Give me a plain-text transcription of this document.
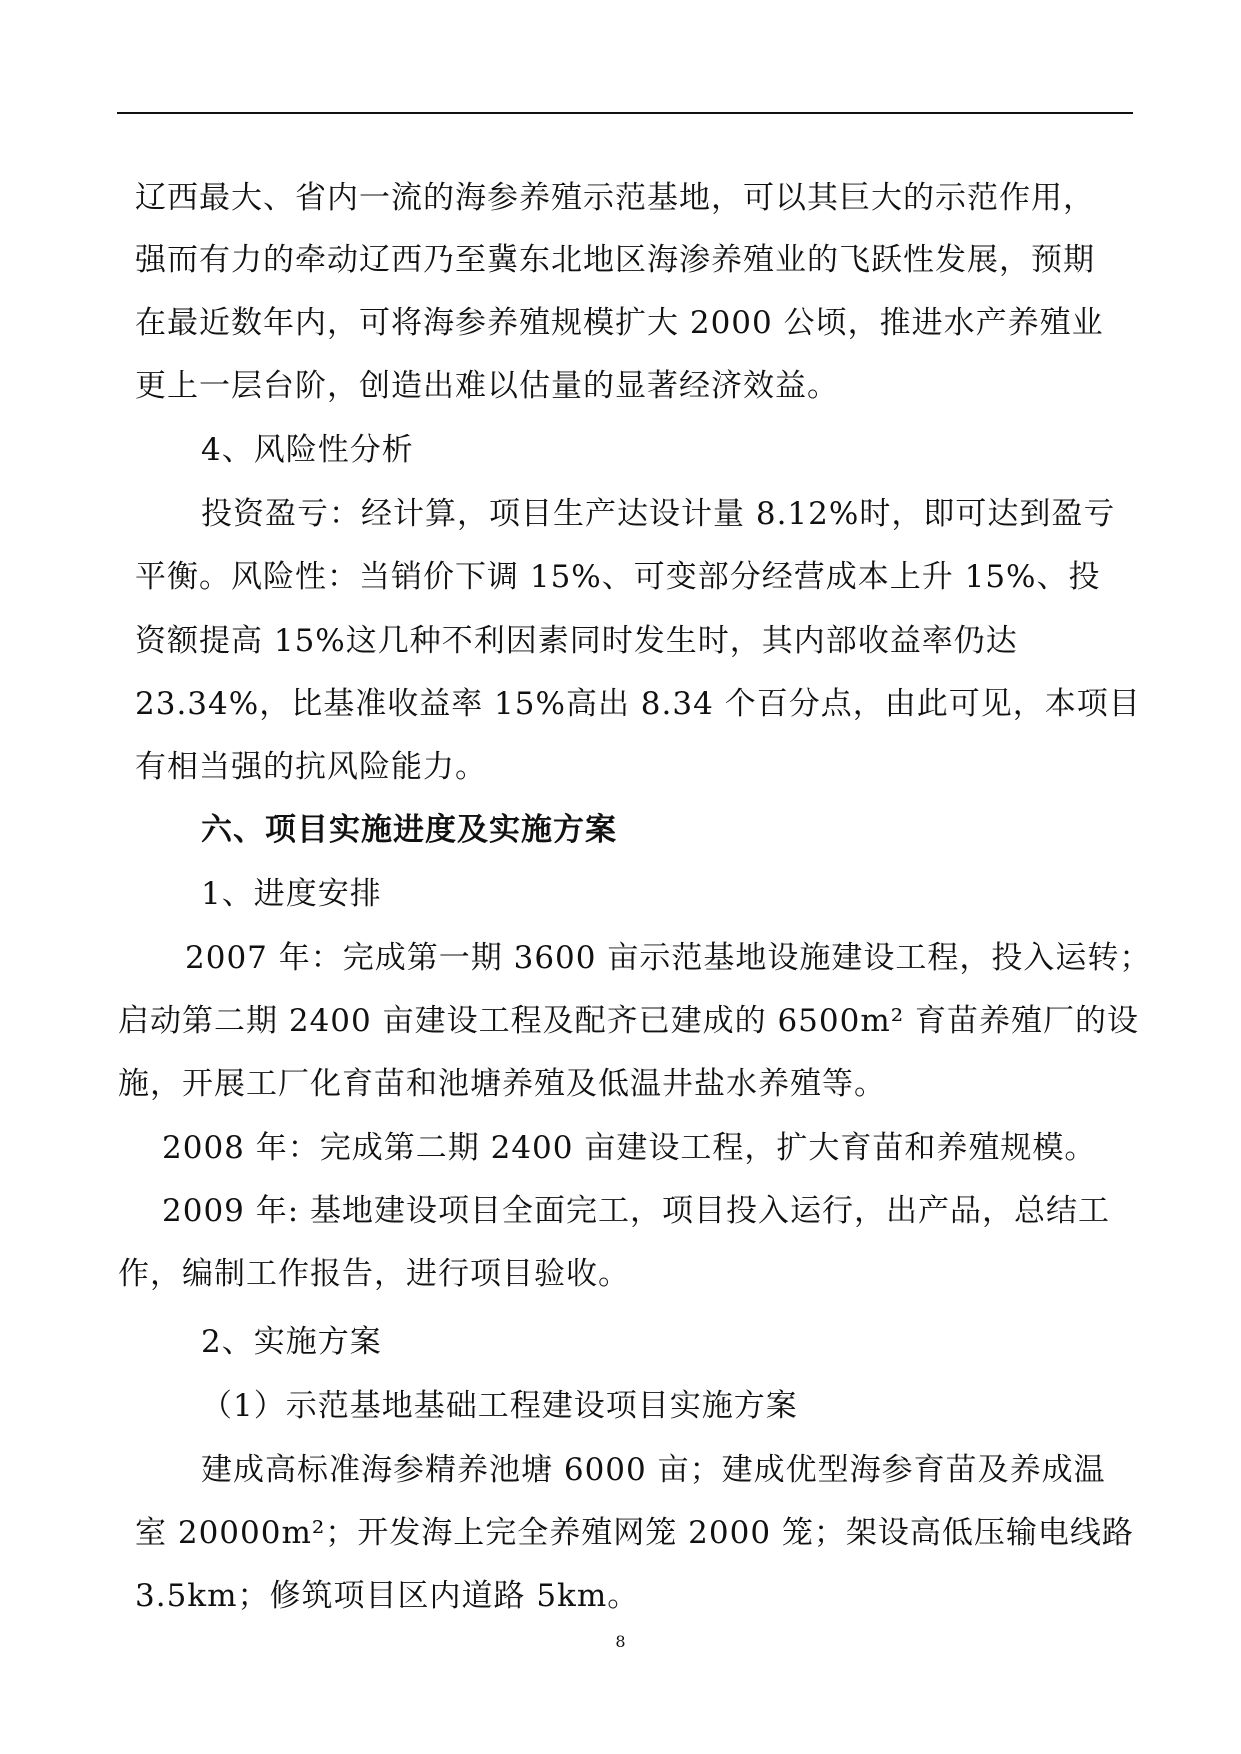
辽西最大、省内一流的海参养殖示范基地，可以其巨大的示范作用，
强而有力的牵动辽西乃至冀东北地区海渗养殖业的飞跃性发展，预期
在最近数年内，可将海参养殖规模扩大 2000 公顷，推进水产养殖业
更上一层台阶，创造出难以估量的显著经济效益。
4、风险性分析
投资盈亏：经计算，项目生产达设计量 8.12%时，即可达到盈亏
平衡。风险性：当销价下调 15%、可变部分经营成本上升 15%、投
资额提高 15%这几种不利因素同时发生时，其内部收益率仍达
23.34%，比基准收益率 15%高出 8.34 个百分点，由此可见，本项目
有相当强的抗风险能力。
六、项目实施进度及实施方案
1、进度安排
2007 年：完成第一期 3600 亩示范基地设施建设工程，投入运转；
启动第二期 2400 亩建设工程及配齐已建成的 6500m² 育苗养殖厂的设
施，开展工厂化育苗和池塘养殖及低温井盐水养殖等。
2008 年：完成第二期 2400 亩建设工程，扩大育苗和养殖规模。
2009 年: 基地建设项目全面完工，项目投入运行，出产品，总结工
作，编制工作报告，进行项目验收。
2、实施方案
（1）示范基地基础工程建设项目实施方案
建成高标准海参精养池塘 6000 亩；建成优型海参育苗及养成温
室 20000m²；开发海上完全养殖网笼 2000 笼；架设高低压输电线路
3.5km；修筑项目区内道路 5km。
8
